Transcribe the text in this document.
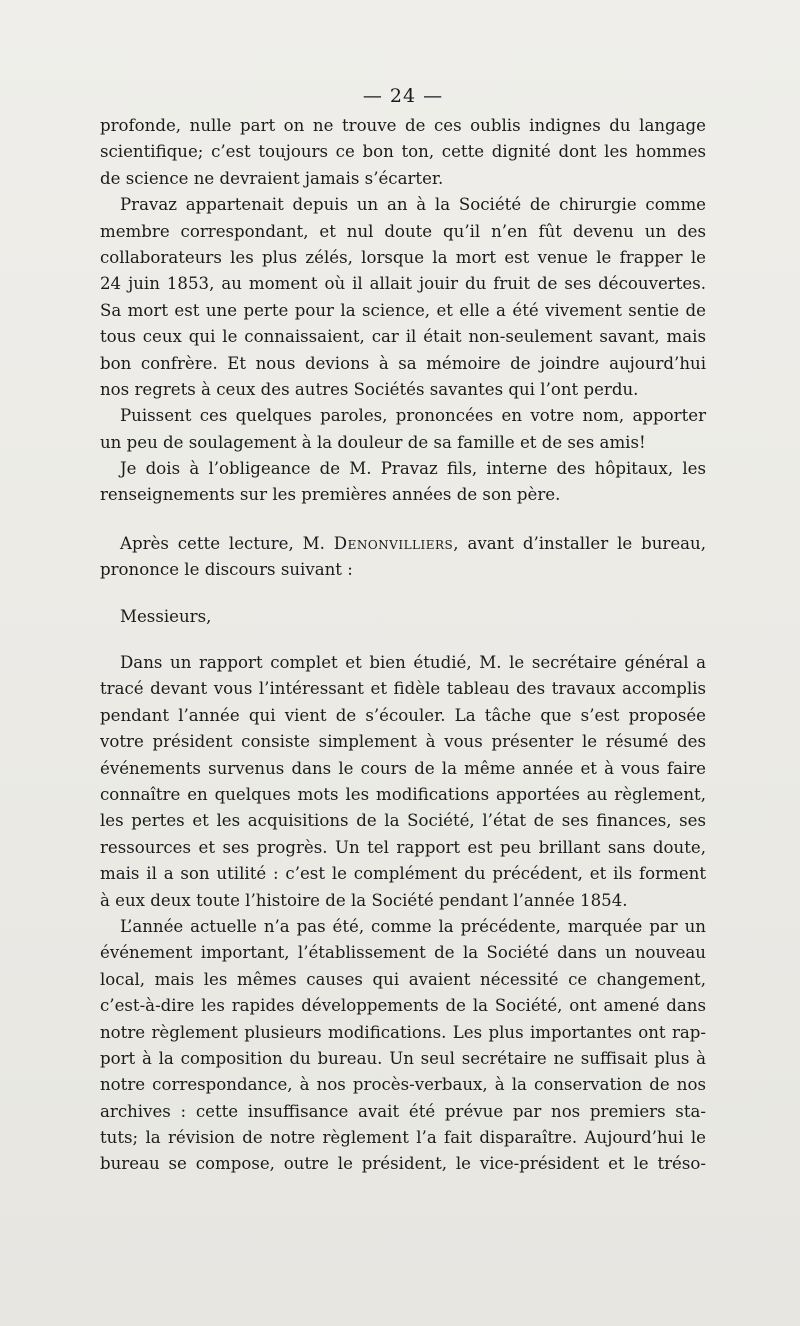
— 24 —
profonde, nulle part on ne trouve de ces oublis indignes du langage
scientifique; c’est toujours ce bon ton, cette dignité dont les hommes
de science ne devraient jamais s’écarter.
Pravaz appartenait depuis un an à la Société de chirurgie comme
membre correspondant, et nul doute qu’il n’en fût devenu un des
collaborateurs les plus zélés, lorsque la mort est venue le frapper le
24 juin 1853, au moment où il allait jouir du fruit de ses découvertes.
Sa mort est une perte pour la science, et elle a été vivement sentie de
tous ceux qui le connaissaient, car il était non-seulement savant, mais
bon confrère. Et nous devions à sa mémoire de joindre aujourd’hui
nos regrets à ceux des autres Sociétés savantes qui l’ont perdu.
Puissent ces quelques paroles, prononcées en votre nom, apporter
un peu de soulagement à la douleur de sa famille et de ses amis!
Je dois à l’obligeance de M. Pravaz fils, interne des hôpitaux, les
renseignements sur les premières années de son père.
Après cette lecture, M. Denonvilliers, avant d’installer le bureau,
prononce le discours suivant :
Messieurs,
Dans un rapport complet et bien étudié, M. le secrétaire général a
tracé devant vous l’intéressant et fidèle tableau des travaux accomplis
pendant l’année qui vient de s’écouler. La tâche que s’est proposée
votre président consiste simplement à vous présenter le résumé des
événements survenus dans le cours de la même année et à vous faire
connaître en quelques mots les modifications apportées au règlement,
les pertes et les acquisitions de la Société, l’état de ses finances, ses
ressources et ses progrès. Un tel rapport est peu brillant sans doute,
mais il a son utilité : c’est le complément du précédent, et ils forment
à eux deux toute l’histoire de la Société pendant l’année 1854.
L’année actuelle n’a pas été, comme la précédente, marquée par un
événement important, l’établissement de la Société dans un nouveau
local, mais les mêmes causes qui avaient nécessité ce changement,
c’est-à-dire les rapides développements de la Société, ont amené dans
notre règlement plusieurs modifications. Les plus importantes ont rap-
port à la composition du bureau. Un seul secrétaire ne suffisait plus à
notre correspondance, à nos procès-verbaux, à la conservation de nos
archives : cette insuffisance avait été prévue par nos premiers sta-
tuts; la révision de notre règlement l’a fait disparaître. Aujourd’hui le
bureau se compose, outre le président, le vice-président et le tréso-
